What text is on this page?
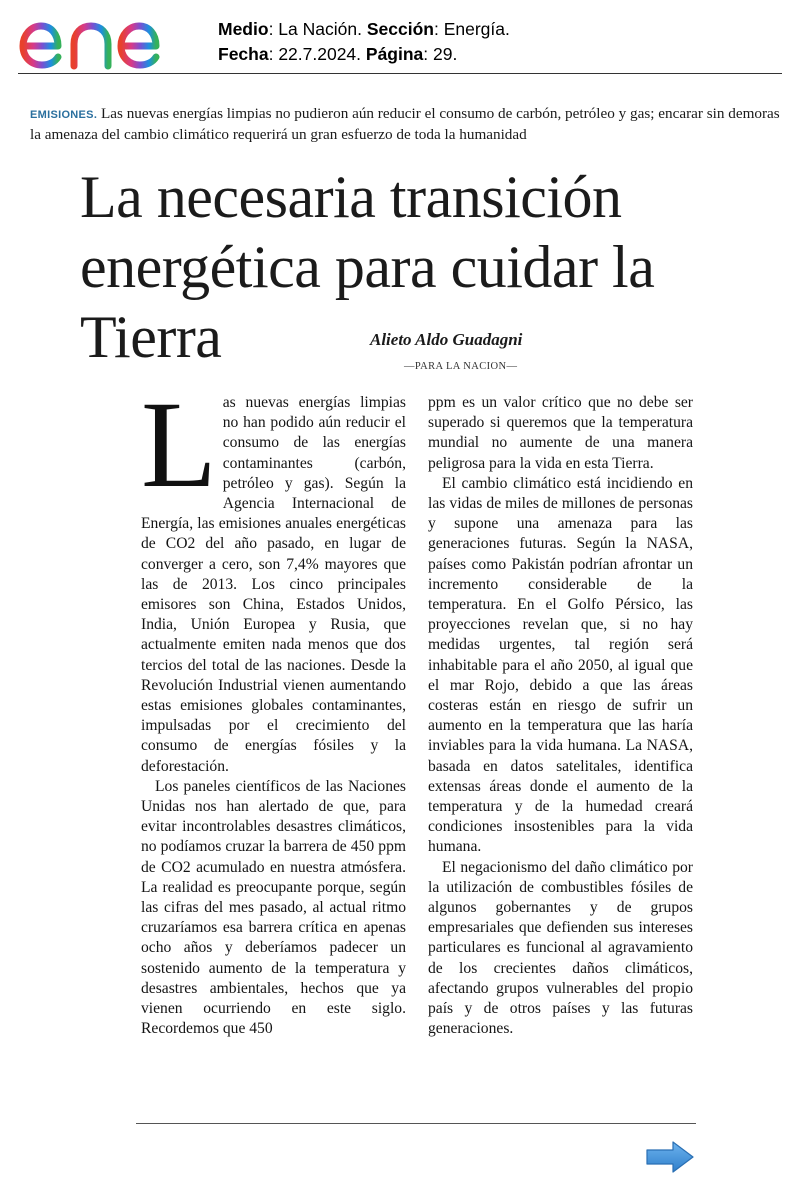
Medio: La Nación. Sección: Energía.
Fecha: 22.7.2024. Página: 29.
EMISIONES. Las nuevas energías limpias no pudieron aún reducir el consumo de carbón, petróleo y gas; encarar sin demoras la amenaza del cambio climático requerirá un gran esfuerzo de toda la humanidad
La necesaria transición energética para cuidar la Tierra	Alieto Aldo Guadagni
—PARA LA NACION—

Las nuevas energías limpias no han podido aún reducir el consumo de las energías contaminantes (carbón, petróleo y gas). Según la Agencia Internacional de Energía, las emisiones anuales energéticas de CO2 del año pasado, en lugar de converger a cero, son 7,4% mayores que las de 2013. Los cinco principales emisores son China, Estados Unidos, India, Unión Europea y Rusia, que actualmente emiten nada menos que dos tercios del total de las naciones. Desde la Revolución Industrial vienen aumentando estas emisiones globales contaminantes, impulsadas por el crecimiento del consumo de energías fósiles y la deforestación.

Los paneles científicos de las Naciones Unidas nos han alertado de que, para evitar incontrolables desastres climáticos, no podíamos cruzar la barrera de 450 ppm de CO2 acumulado en nuestra atmósfera. La realidad es preocupante porque, según las cifras del mes pasado, al actual ritmo cruzaríamos esa barrera crítica en apenas ocho años y deberíamos padecer un sostenido aumento de la temperatura y desastres ambientales, hechos que ya vienen ocurriendo en este siglo. Recordemos que 450

ppm es un valor crítico que no debe ser superado si queremos que la temperatura mundial no aumente de una manera peligrosa para la vida en esta Tierra.

El cambio climático está incidiendo en las vidas de miles de millones de personas y supone una amenaza para las generaciones futuras. Según la NASA, países como Pakistán podrían afrontar un incremento considerable de la temperatura. En el Golfo Pérsico, las proyecciones revelan que, si no hay medidas urgentes, tal región será inhabitable para el año 2050, al igual que el mar Rojo, debido a que las áreas costeras están en riesgo de sufrir un aumento en la temperatura que las haría inviables para la vida humana. La NASA, basada en datos satelitales, identifica extensas áreas donde el aumento de la temperatura y de la humedad creará condiciones insostenibles para la vida humana.

El negacionismo del daño climático por la utilización de combustibles fósiles de algunos gobernantes y de grupos empresariales que defienden sus intereses particulares es funcional al agravamiento de los crecientes daños climáticos, afectando grupos vulnerables del propio país y de otros países y las futuras generaciones.
